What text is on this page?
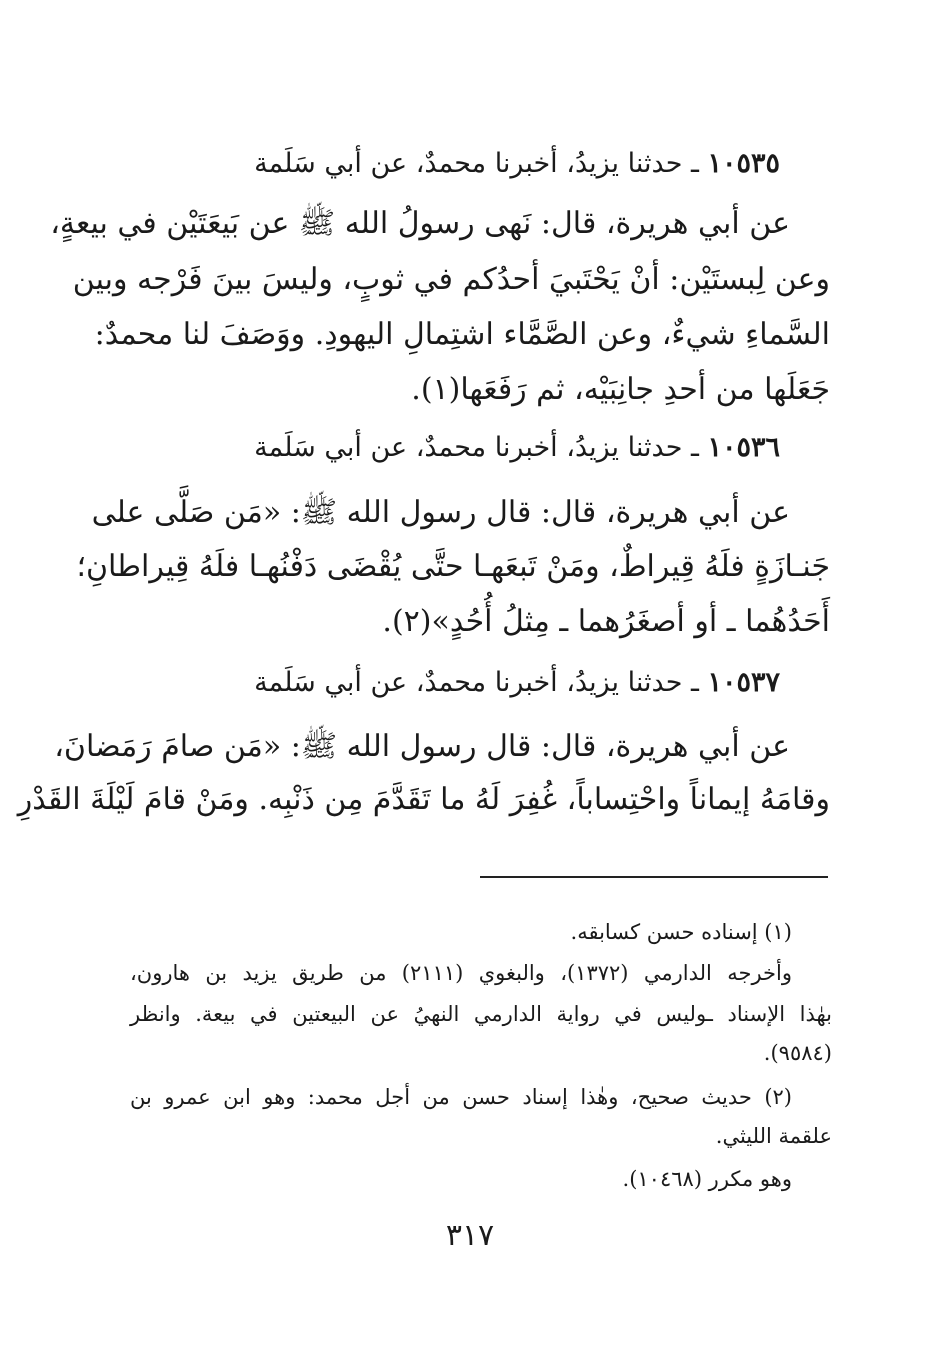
١٠٥٣٥ ـ حدثنا يزيدُ، أخبرنا محمدٌ، عن أبي سَلَمة
عن أبي هريرة، قال: نَهى رسولُ الله ﷺ عن بَيعَتَيْن في بيعةٍ،
وعن لِبستَيْن: أنْ يَحْتَبيَ أحدُكم في ثوبٍ، وليسَ بينَ فَرْجه وبين
السَّماءِ شيءٌ، وعن الصَّمَّاء اشتِمالِ اليهودِ. ووَصَفَ لنا محمدٌ:
جَعَلَها من أحدِ جانِبَيْه، ثم رَفَعَها(١).
١٠٥٣٦ ـ حدثنا يزيدُ، أخبرنا محمدٌ، عن أبي سَلَمة
عن أبي هريرة، قال: قال رسول الله ﷺ: «مَن صَلَّى على
جَنـازَةٍ فلَهُ قِيراطٌ، ومَنْ تَبعَهـا حتَّى يُقْضَى دَفْنُهـا فلَهُ قِيراطانِ؛
أَحَدُهُما ـ أو أصغَرُهما ـ مِثلُ أُحُدٍ»(٢).
١٠٥٣٧ ـ حدثنا يزيدُ، أخبرنا محمدٌ، عن أبي سَلَمة
عن أبي هريرة، قال: قال رسول الله ﷺ: «مَن صامَ رَمَضانَ،
وقامَهُ إيماناً واحْتِساباً، غُفِرَ لَهُ ما تَقَدَّمَ مِن ذَنْبِه. ومَنْ قامَ لَيْلَةَ القَدْرِ
(١) إسناده حسن كسابقه.
وأخرجه الدارمي (١٣٧٢)، والبغوي (٢١١١) من طريق يزيد بن هارون،
بهٰذا الإسناد ـوليس في رواية الدارمي النهيُ عن البيعتين في بيعة. وانظر
(٩٥٨٤).
(٢) حديث صحيح، وهٰذا إسناد حسن من أجل محمد: وهو ابن عمرو بن
علقمة الليثي.
وهو مكرر (١٠٤٦٨).
٣١٧
